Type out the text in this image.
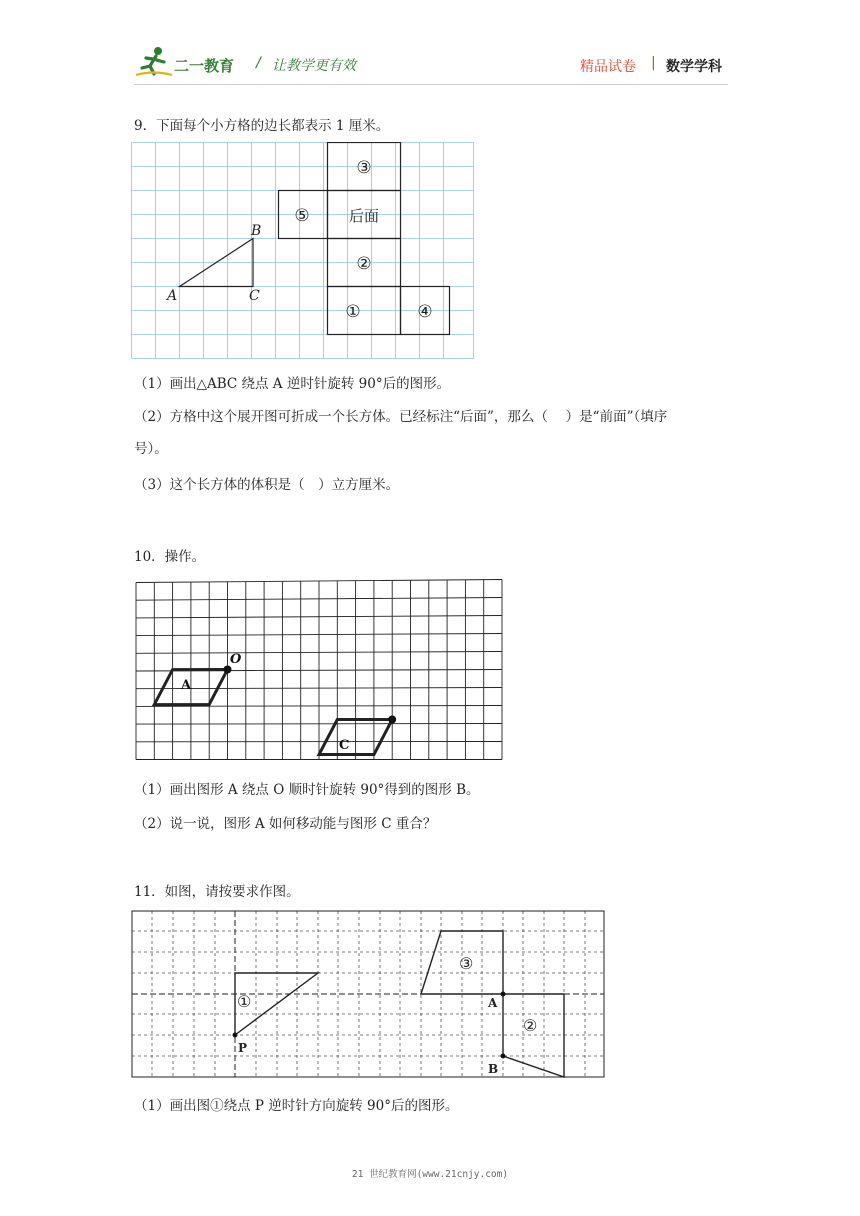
二一教育 / 让教学更有效	精品试卷 | 数学学科
9．下面每个小方格的边长都表示 1 厘米。
A
B
C
③
⑤	后面
②
①	④
（1）画出△ABC 绕点 A 逆时针旋转 90°后的图形。
（2）方格中这个展开图可折成一个长方体。已经标注“后面”，那么（　 ）是“前面”（填序
号）。
（3）这个长方体的体积是（　）立方厘米。
10．操作。
O
A
C
（1）画出图形 A 绕点 O 顺时针旋转 90°得到的图形 B。
（2）说一说，图形 A 如何移动能与图形 C 重合？
11．如图，请按要求作图。
①
P
③
②
A
B
（1）画出图①绕点 P 逆时针方向旋转 90°后的图形。
21 世纪教育网(www.21cnjy.com)
